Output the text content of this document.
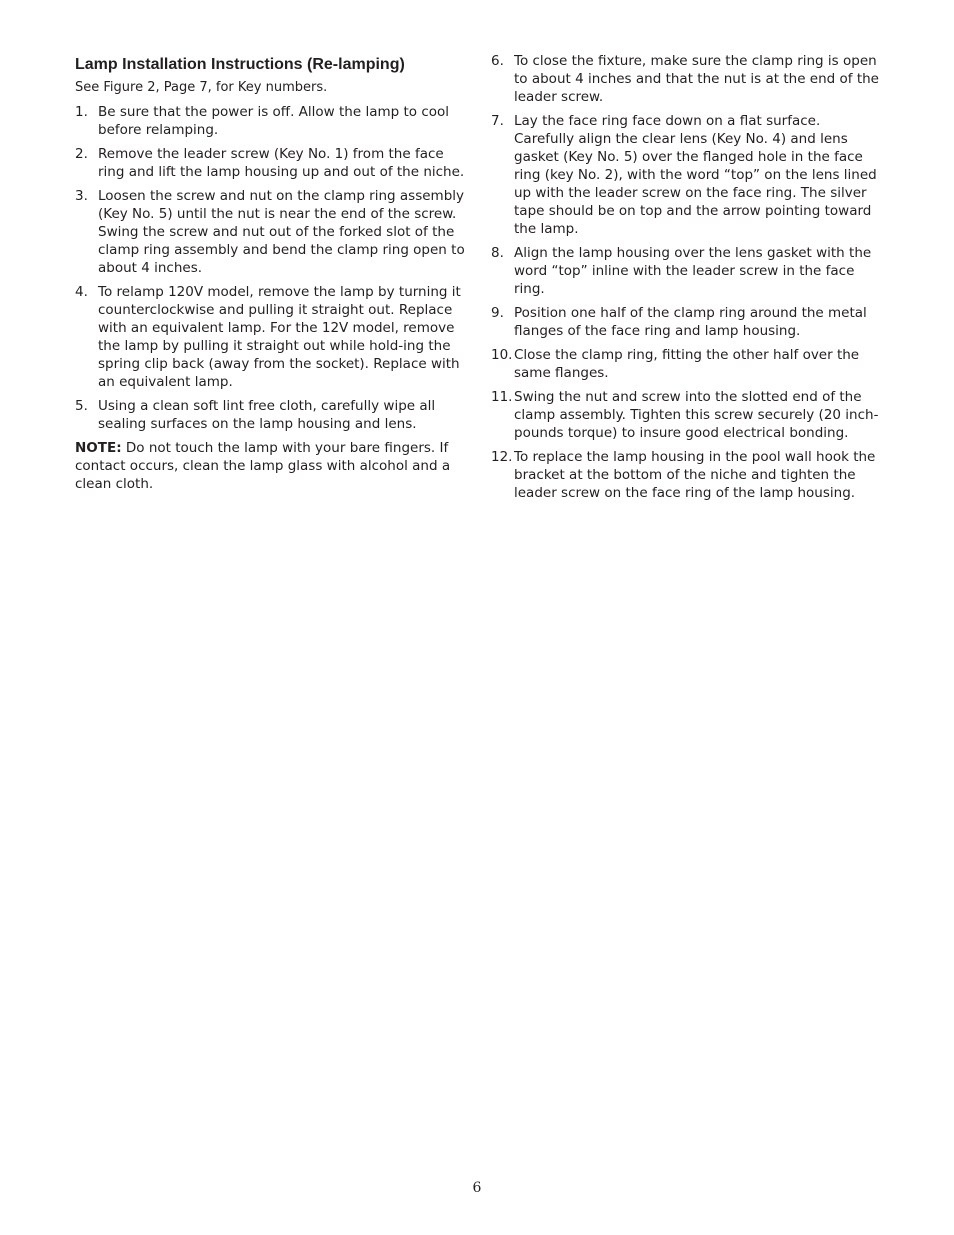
Lamp Installation Instructions (Re-lamping)
See Figure 2, Page 7, for Key numbers.
1. Be sure that the power is off. Allow the lamp to cool before relamping.
2. Remove the leader screw (Key No. 1) from the face ring and lift the lamp housing up and out of the niche.
3. Loosen the screw and nut on the clamp ring assembly (Key No. 5) until the nut is near the end of the screw. Swing the screw and nut out of the forked slot of the clamp ring assembly and bend the clamp ring open to about 4 inches.
4. To relamp 120V model, remove the lamp by turning it counterclockwise and pulling it straight out. Replace with an equivalent lamp. For the 12V model, remove the lamp by pulling it straight out while hold-ing the spring clip back (away from the socket). Replace with an equivalent lamp.
5. Using a clean soft lint free cloth, carefully wipe all sealing surfaces on the lamp housing and lens.

NOTE: Do not touch the lamp with your bare fingers. If contact occurs, clean the lamp glass with alcohol and a clean cloth.

6. To close the fixture, make sure the clamp ring is open to about 4 inches and that the nut is at the end of the leader screw.
7. Lay the face ring face down on a flat surface. Carefully align the clear lens (Key No. 4) and lens gasket (Key No. 5) over the flanged hole in the face ring (key No. 2), with the word “top” on the lens lined up with the leader screw on the face ring. The silver tape should be on top and the arrow pointing toward the lamp.
8. Align the lamp housing over the lens gasket with the word “top” inline with the leader screw in the face ring.
9. Position one half of the clamp ring around the metal flanges of the face ring and lamp housing.
10. Close the clamp ring, fitting the other half over the same flanges.
11. Swing the nut and screw into the slotted end of the clamp assembly. Tighten this screw securely (20 inch-pounds torque) to insure good electrical bonding.
12. To replace the lamp housing in the pool wall hook the bracket at the bottom of the niche and tighten the leader screw on the face ring of the lamp housing.
6
